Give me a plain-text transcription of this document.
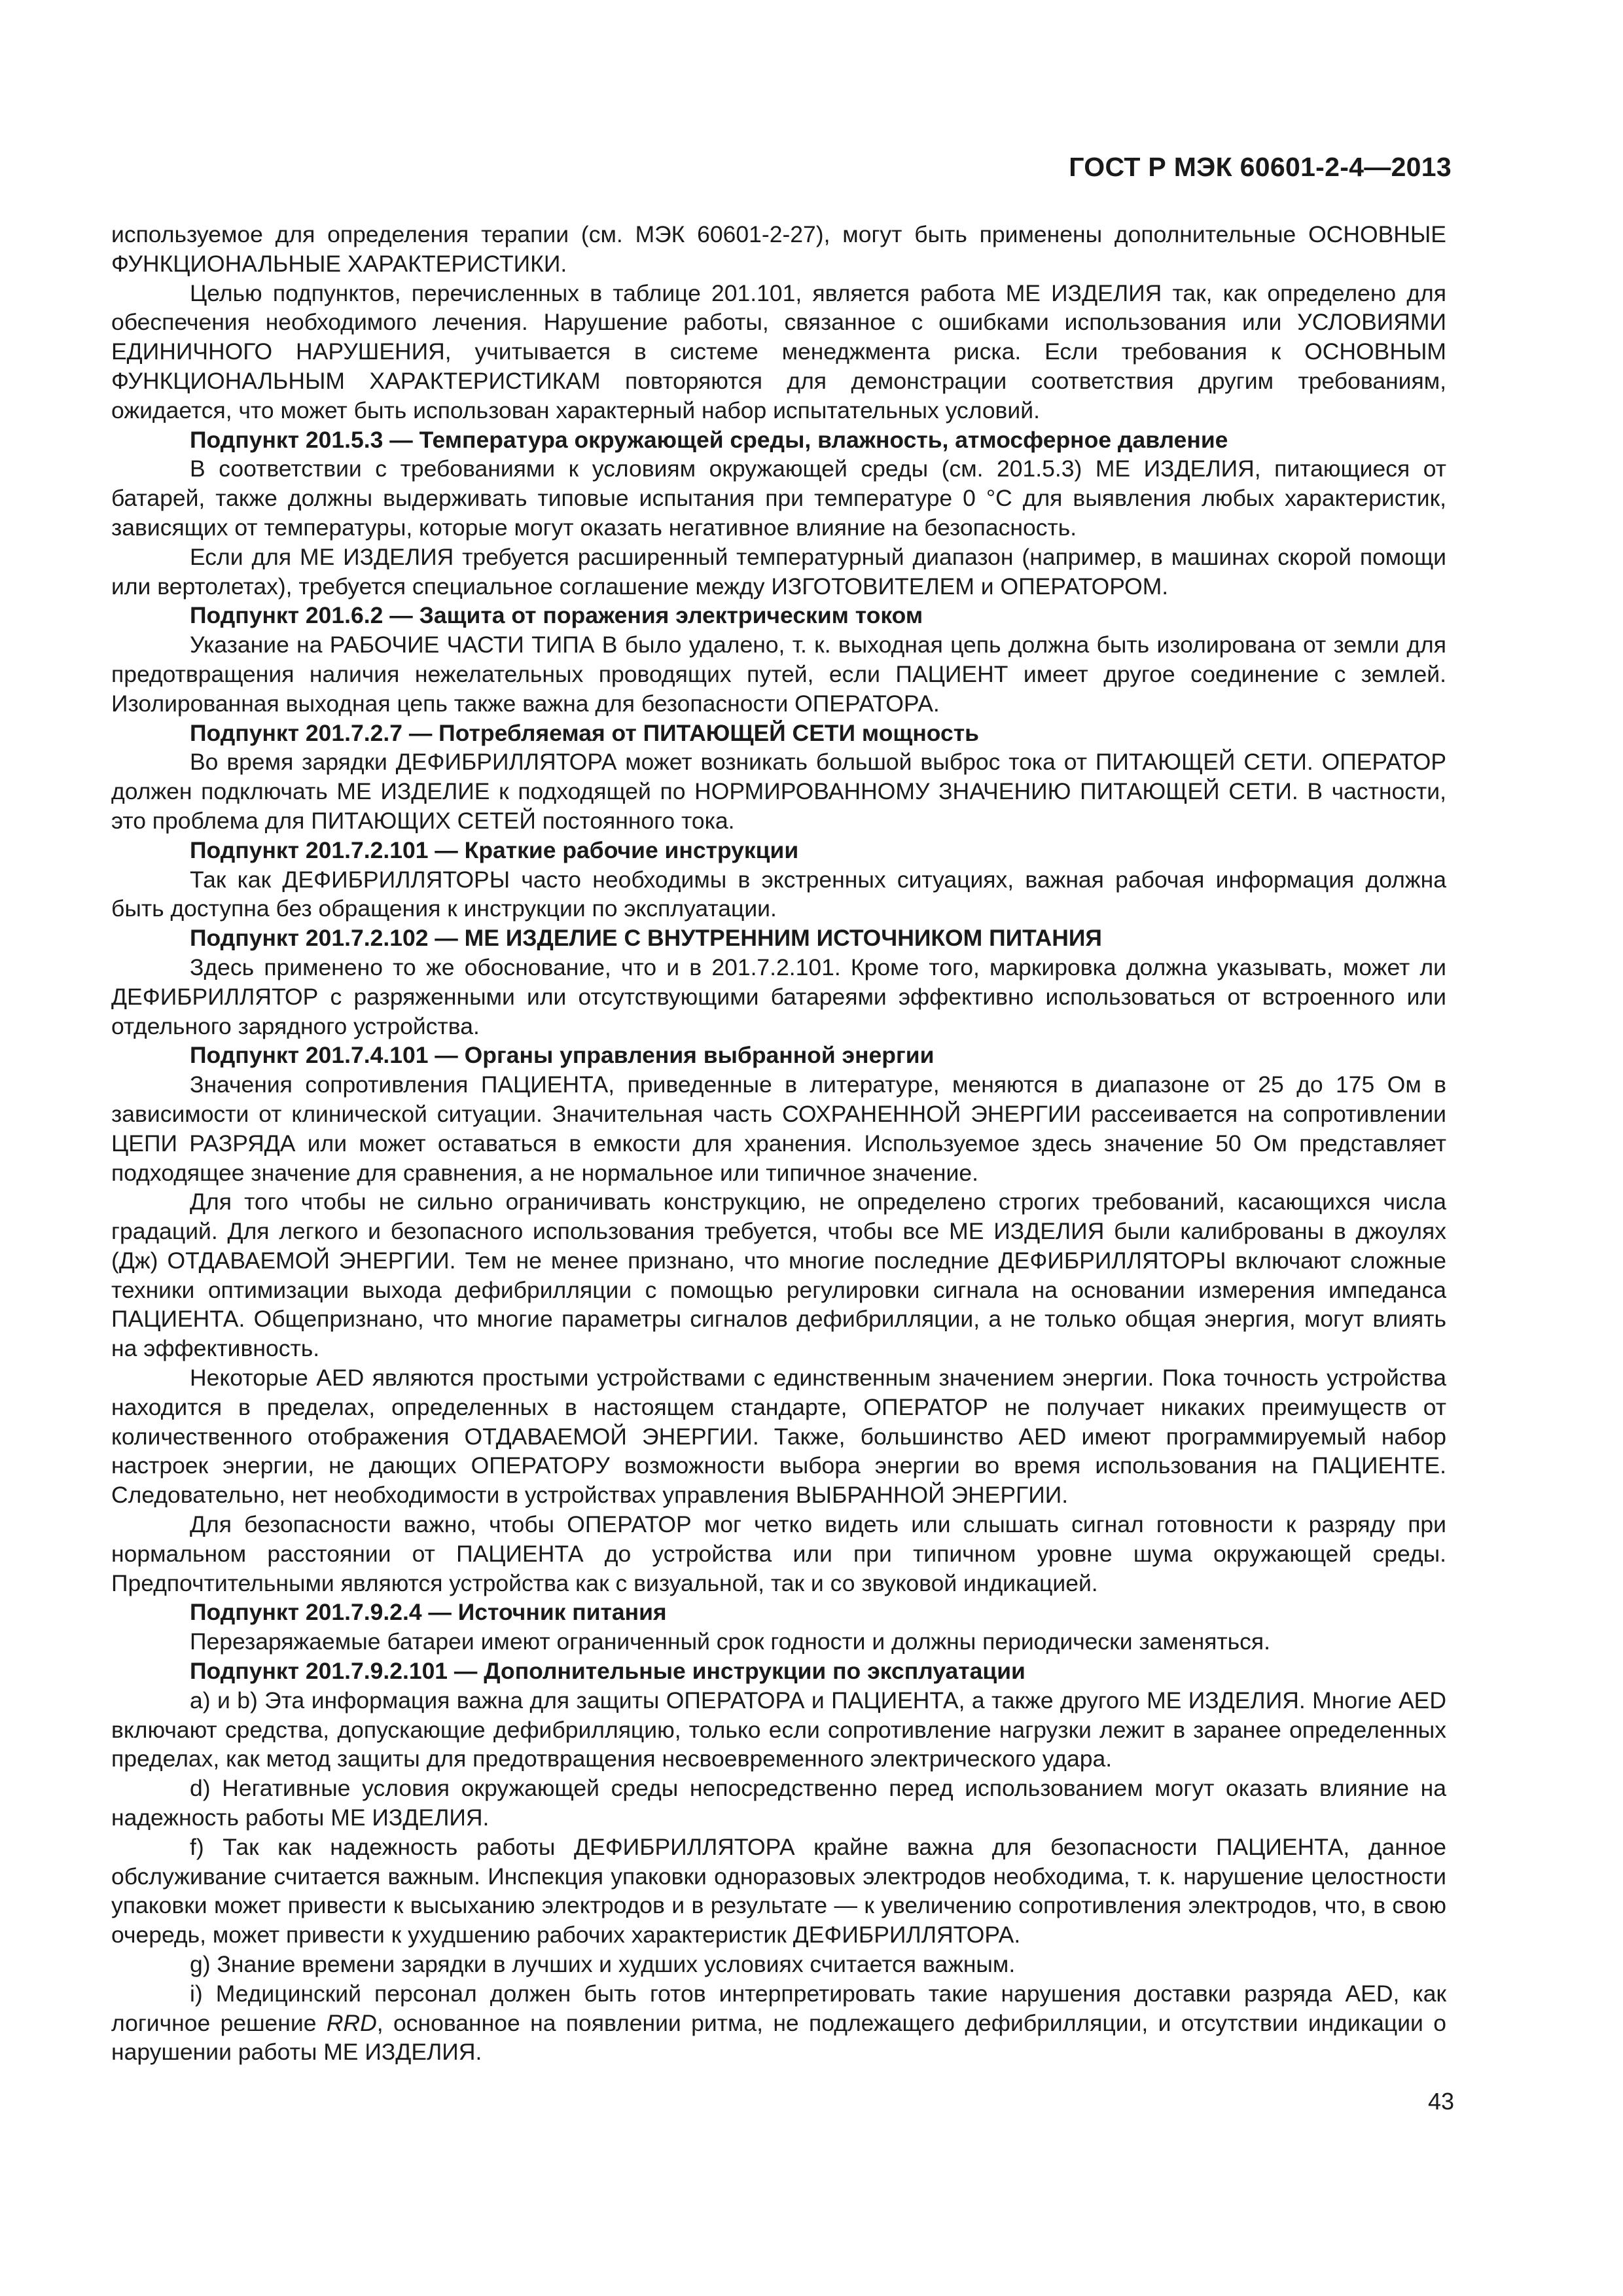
ГОСТ Р МЭК 60601-2-4—2013

используемое для определения терапии (см. МЭК 60601-2-27), могут быть применены дополнительные ОСНОВНЫЕ ФУНКЦИОНАЛЬНЫЕ ХАРАКТЕРИСТИКИ.

Целью подпунктов, перечисленных в таблице 201.101, является работа МЕ ИЗДЕЛИЯ так, как определено для обеспечения необходимого лечения. Нарушение работы, связанное с ошибками использования или УСЛОВИЯМИ ЕДИНИЧНОГО НАРУШЕНИЯ, учитывается в системе менеджмента риска. Если требования к ОСНОВНЫМ ФУНКЦИОНАЛЬНЫМ ХАРАКТЕРИСТИКАМ повторяются для демонстрации соответствия другим требованиям, ожидается, что может быть использован характерный набор испытательных условий.

Подпункт 201.5.3 — Температура окружающей среды, влажность, атмосферное давление

В соответствии с требованиями к условиям окружающей среды (см. 201.5.3) МЕ ИЗДЕЛИЯ, питающиеся от батарей, также должны выдерживать типовые испытания при температуре 0 °С для выявления любых характеристик, зависящих от температуры, которые могут оказать негативное влияние на безопасность.

Если для МЕ ИЗДЕЛИЯ требуется расширенный температурный диапазон (например, в машинах скорой помощи или вертолетах), требуется специальное соглашение между ИЗГОТОВИТЕЛЕМ и ОПЕРАТОРОМ.

Подпункт 201.6.2 — Защита от поражения электрическим током

Указание на РАБОЧИЕ ЧАСТИ ТИПА В было удалено, т. к. выходная цепь должна быть изолирована от земли для предотвращения наличия нежелательных проводящих путей, если ПАЦИЕНТ имеет другое соединение с землей. Изолированная выходная цепь также важна для безопасности ОПЕРАТОРА.

Подпункт 201.7.2.7 — Потребляемая от ПИТАЮЩЕЙ СЕТИ мощность

Во время зарядки ДЕФИБРИЛЛЯТОРА может возникать большой выброс тока от ПИТАЮЩЕЙ СЕТИ. ОПЕРАТОР должен подключать МЕ ИЗДЕЛИЕ к подходящей по НОРМИРОВАННОМУ ЗНАЧЕНИЮ ПИТАЮЩЕЙ СЕТИ. В частности, это проблема для ПИТАЮЩИХ СЕТЕЙ постоянного тока.

Подпункт 201.7.2.101 — Краткие рабочие инструкции

Так как ДЕФИБРИЛЛЯТОРЫ часто необходимы в экстренных ситуациях, важная рабочая информация должна быть доступна без обращения к инструкции по эксплуатации.

Подпункт 201.7.2.102 — МЕ ИЗДЕЛИЕ С ВНУТРЕННИМ ИСТОЧНИКОМ ПИТАНИЯ

Здесь применено то же обоснование, что и в 201.7.2.101. Кроме того, маркировка должна указывать, может ли ДЕФИБРИЛЛЯТОР с разряженными или отсутствующими батареями эффективно использоваться от встроенного или отдельного зарядного устройства.

Подпункт 201.7.4.101 — Органы управления выбранной энергии

Значения сопротивления ПАЦИЕНТА, приведенные в литературе, меняются в диапазоне от 25 до 175 Ом в зависимости от клинической ситуации. Значительная часть СОХРАНЕННОЙ ЭНЕРГИИ рассеивается на сопротивлении ЦЕПИ РАЗРЯДА или может оставаться в емкости для хранения. Используемое здесь значение 50 Ом представляет подходящее значение для сравнения, а не нормальное или типичное значение.

Для того чтобы не сильно ограничивать конструкцию, не определено строгих требований, касающихся числа градаций. Для легкого и безопасного использования требуется, чтобы все МЕ ИЗДЕЛИЯ были калиброваны в джоулях (Дж) ОТДАВАЕМОЙ ЭНЕРГИИ. Тем не менее признано, что многие последние ДЕФИБРИЛЛЯТОРЫ включают сложные техники оптимизации выхода дефибрилляции с помощью регулировки сигнала на основании измерения импеданса ПАЦИЕНТА. Общепризнано, что многие параметры сигналов дефибрилляции, а не только общая энергия, могут влиять на эффективность.

Некоторые AED являются простыми устройствами с единственным значением энергии. Пока точность устройства находится в пределах, определенных в настоящем стандарте, ОПЕРАТОР не получает никаких преимуществ от количественного отображения ОТДАВАЕМОЙ ЭНЕРГИИ. Также, большинство AED имеют программируемый набор настроек энергии, не дающих ОПЕРАТОРУ возможности выбора энергии во время использования на ПАЦИЕНТЕ. Следовательно, нет необходимости в устройствах управления ВЫБРАННОЙ ЭНЕРГИИ.

Для безопасности важно, чтобы ОПЕРАТОР мог четко видеть или слышать сигнал готовности к разряду при нормальном расстоянии от ПАЦИЕНТА до устройства или при типичном уровне шума окружающей среды. Предпочтительными являются устройства как с визуальной, так и со звуковой индикацией.

Подпункт 201.7.9.2.4 — Источник питания

Перезаряжаемые батареи имеют ограниченный срок годности и должны периодически заменяться.

Подпункт 201.7.9.2.101 — Дополнительные инструкции по эксплуатации

a) и b) Эта информация важна для защиты ОПЕРАТОРА и ПАЦИЕНТА, а также другого МЕ ИЗДЕЛИЯ. Многие AED включают средства, допускающие дефибрилляцию, только если сопротивление нагрузки лежит в заранее определенных пределах, как метод защиты для предотвращения несвоевременного электрического удара.

d) Негативные условия окружающей среды непосредственно перед использованием могут оказать влияние на надежность работы МЕ ИЗДЕЛИЯ.

f) Так как надежность работы ДЕФИБРИЛЛЯТОРА крайне важна для безопасности ПАЦИЕНТА, данное обслуживание считается важным. Инспекция упаковки одноразовых электродов необходима, т. к. нарушение целостности упаковки может привести к высыханию электродов и в результате — к увеличению сопротивления электродов, что, в свою очередь, может привести к ухудшению рабочих характеристик ДЕФИБРИЛЛЯТОРА.

g) Знание времени зарядки в лучших и худших условиях считается важным.

i) Медицинский персонал должен быть готов интерпретировать такие нарушения доставки разряда AED, как логичное решение RRD, основанное на появлении ритма, не подлежащего дефибрилляции, и отсутствии индикации о нарушении работы МЕ ИЗДЕЛИЯ.

43
